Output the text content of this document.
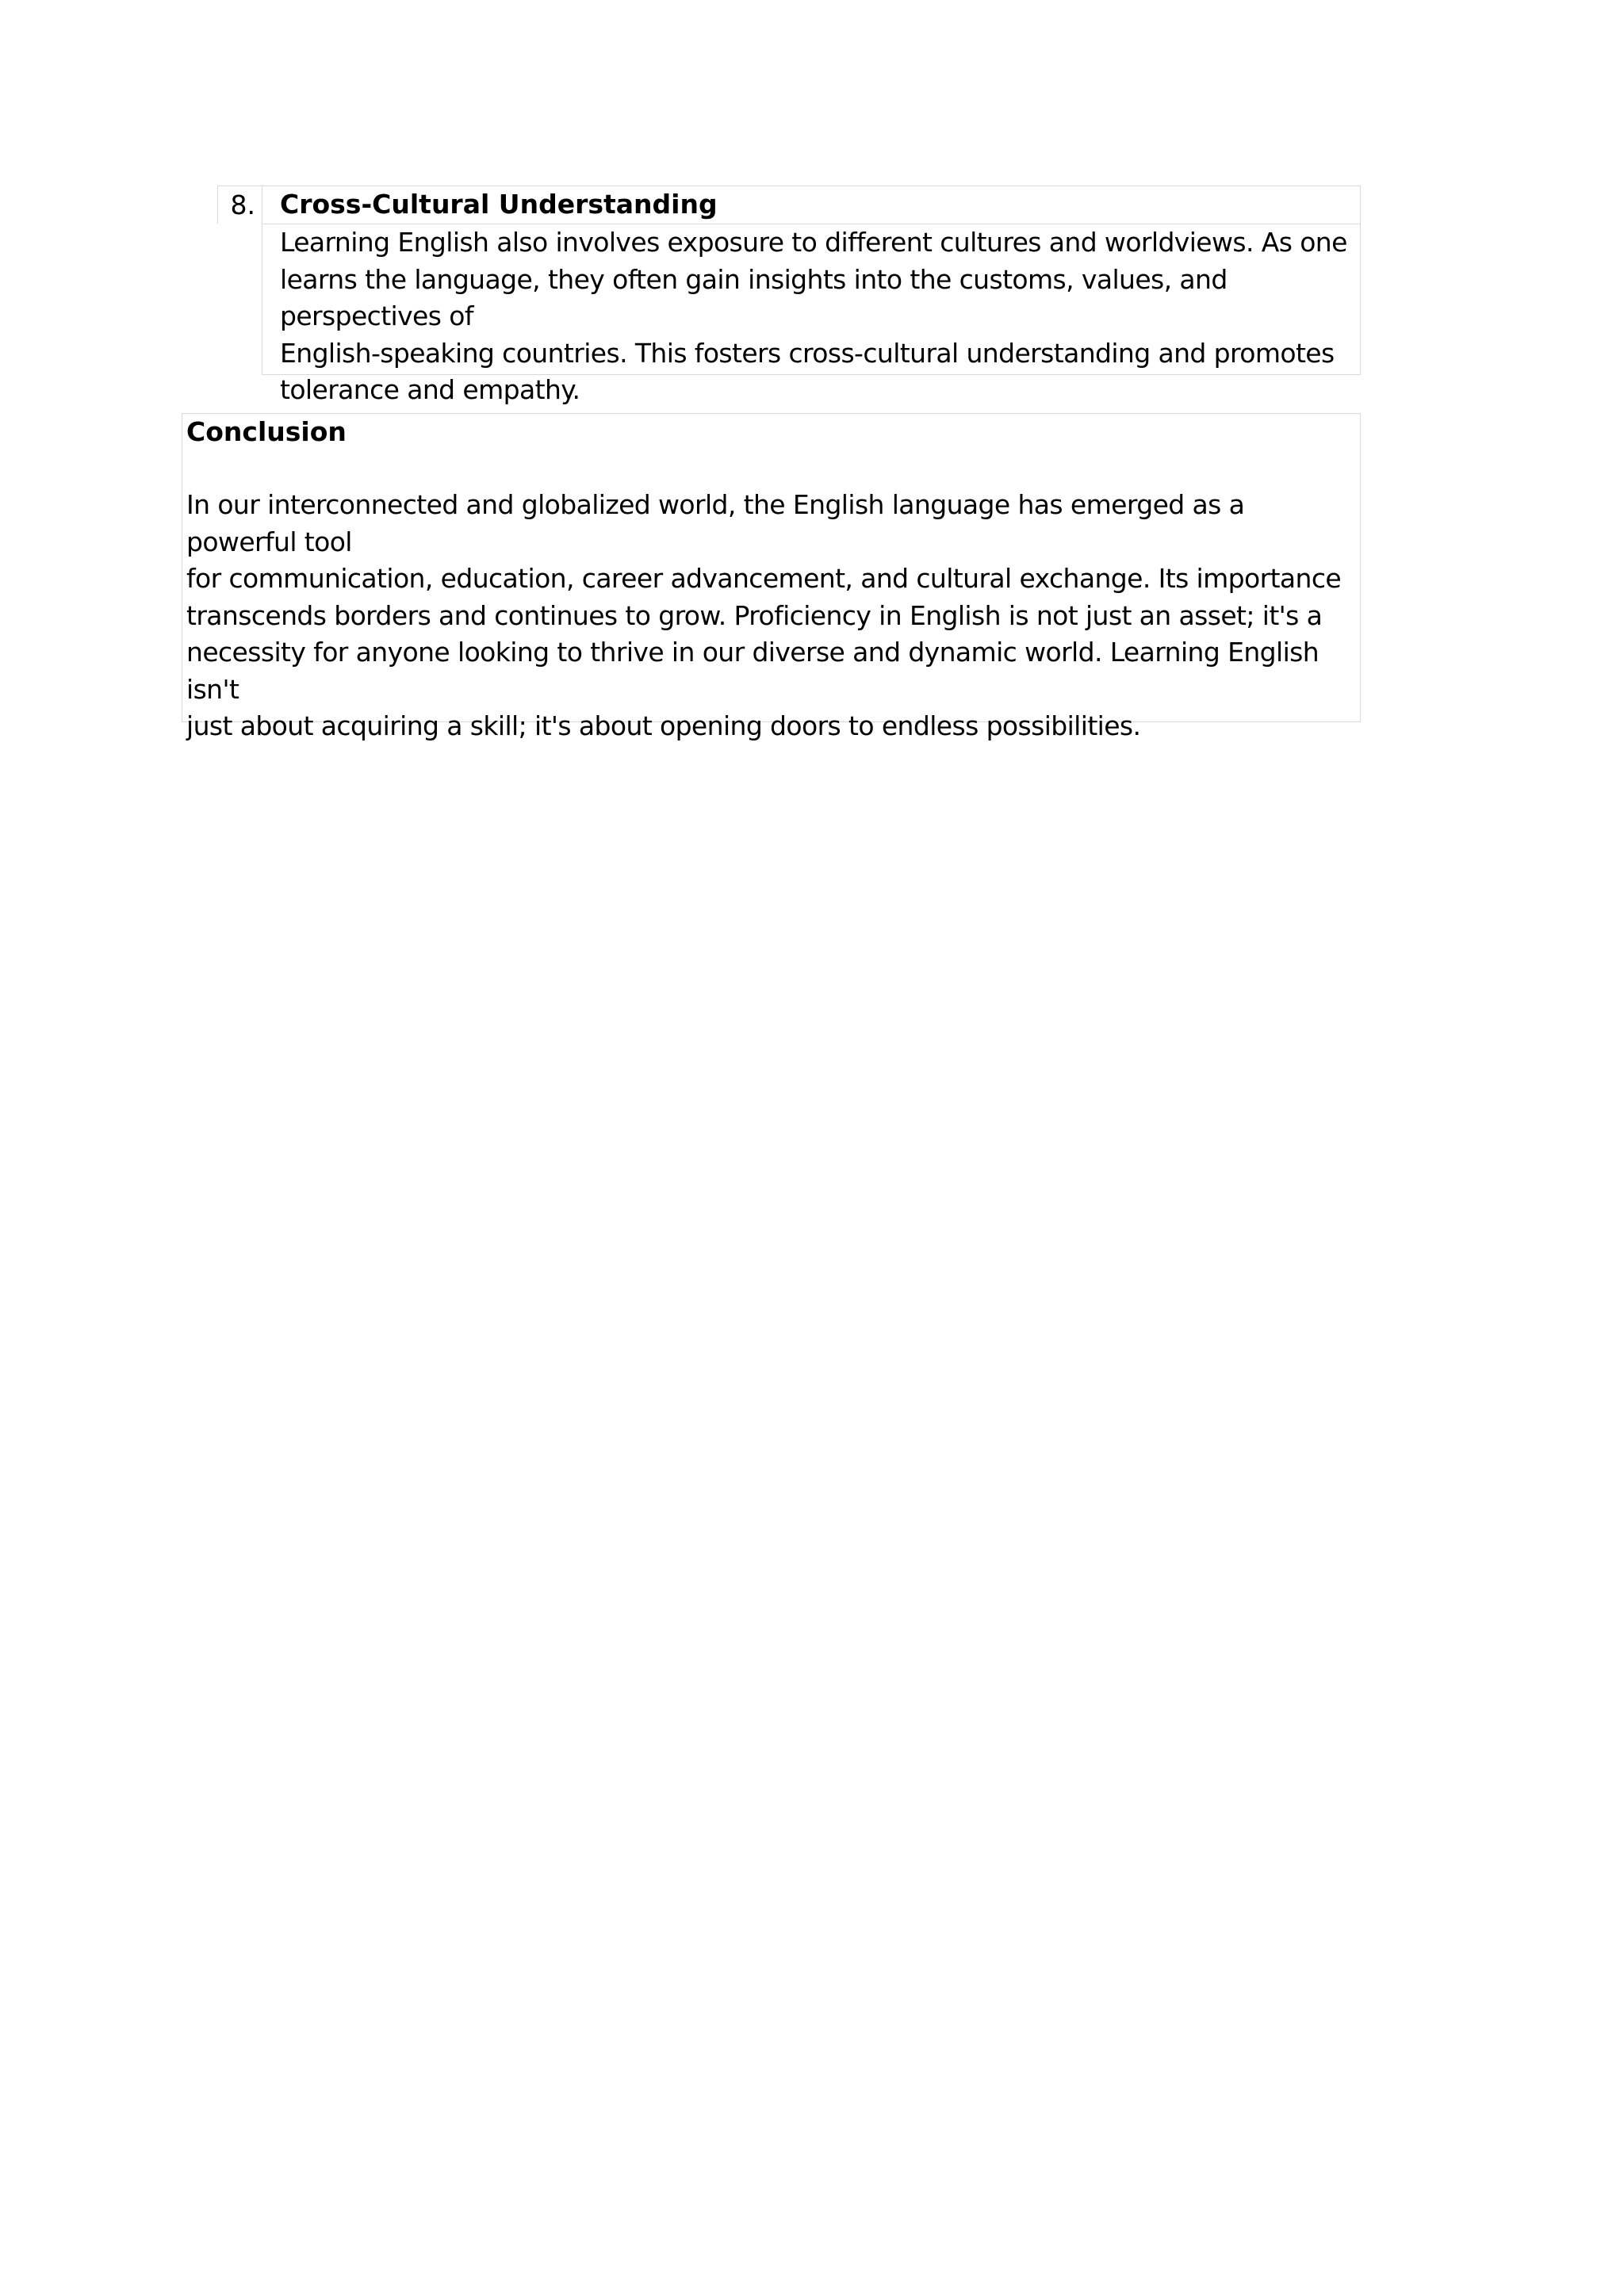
8. Cross-Cultural Understanding
Learning English also involves exposure to different cultures and worldviews. As one
learns the language, they often gain insights into the customs, values, and perspectives of
English-speaking countries. This fosters cross-cultural understanding and promotes
tolerance and empathy.
Conclusion
In our interconnected and globalized world, the English language has emerged as a powerful tool
for communication, education, career advancement, and cultural exchange. Its importance
transcends borders and continues to grow. Proficiency in English is not just an asset; it's a
necessity for anyone looking to thrive in our diverse and dynamic world. Learning English isn't
just about acquiring a skill; it's about opening doors to endless possibilities.
